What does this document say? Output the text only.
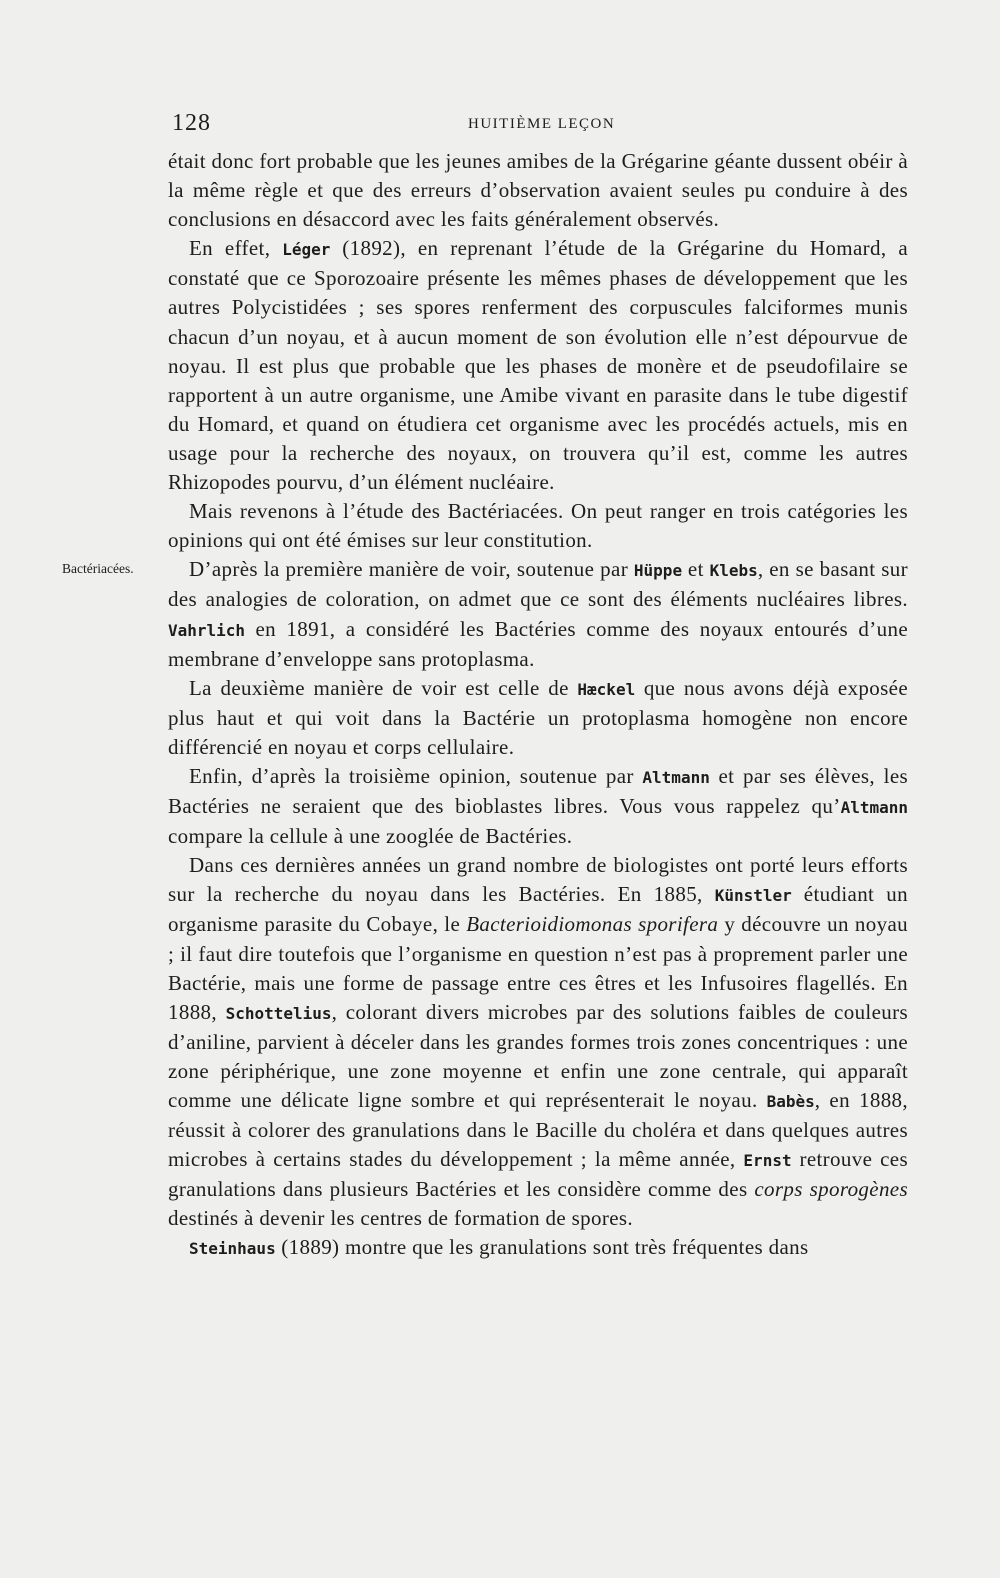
128	HUITIÈME LEÇON
Bactériacées.

était donc fort probable que les jeunes amibes de la Grégarine géante dussent obéir à la même règle et que des erreurs d’observation avaient seules pu conduire à des conclusions en désaccord avec les faits généralement observés.

En effet, Léger (1892), en reprenant l’étude de la Grégarine du Homard, a constaté que ce Sporozoaire présente les mêmes phases de développement que les autres Polycistidées ; ses spores renferment des corpuscules falciformes munis chacun d’un noyau, et à aucun moment de son évolution elle n’est dépourvue de noyau. Il est plus que probable que les phases de monère et de pseudofilaire se rapportent à un autre organisme, une Amibe vivant en parasite dans le tube digestif du Homard, et quand on étudiera cet organisme avec les procédés actuels, mis en usage pour la recherche des noyaux, on trouvera qu’il est, comme les autres Rhizopodes pourvu, d’un élément nucléaire.

Mais revenons à l’étude des Bactériacées. On peut ranger en trois catégories les opinions qui ont été émises sur leur constitution.

D’après la première manière de voir, soutenue par Hüppe et Klebs, en se basant sur des analogies de coloration, on admet que ce sont des éléments nucléaires libres. Vahrlich en 1891, a considéré les Bactéries comme des noyaux entourés d’une membrane d’enveloppe sans protoplasma.

La deuxième manière de voir est celle de Hæckel que nous avons déjà exposée plus haut et qui voit dans la Bactérie un protoplasma homogène non encore différencié en noyau et corps cellulaire.

Enfin, d’après la troisième opinion, soutenue par Altmann et par ses élèves, les Bactéries ne seraient que des bioblastes libres. Vous vous rappelez qu’Altmann compare la cellule à une zooglée de Bactéries.

Dans ces dernières années un grand nombre de biologistes ont porté leurs efforts sur la recherche du noyau dans les Bactéries. En 1885, Künstler étudiant un organisme parasite du Cobaye, le Bacterioidiomonas sporifera y découvre un noyau ; il faut dire toutefois que l’organisme en question n’est pas à proprement parler une Bactérie, mais une forme de passage entre ces êtres et les Infusoires flagellés. En 1888, Schottelius, colorant divers microbes par des solutions faibles de couleurs d’aniline, parvient à déceler dans les grandes formes trois zones concentriques : une zone périphérique, une zone moyenne et enfin une zone centrale, qui apparaît comme une délicate ligne sombre et qui représenterait le noyau. Babès, en 1888, réussit à colorer des granulations dans le Bacille du choléra et dans quelques autres microbes à certains stades du développement ; la même année, Ernst retrouve ces granulations dans plusieurs Bactéries et les considère comme des corps sporogènes destinés à devenir les centres de formation de spores.

Steinhaus (1889) montre que les granulations sont très fréquentes dans
